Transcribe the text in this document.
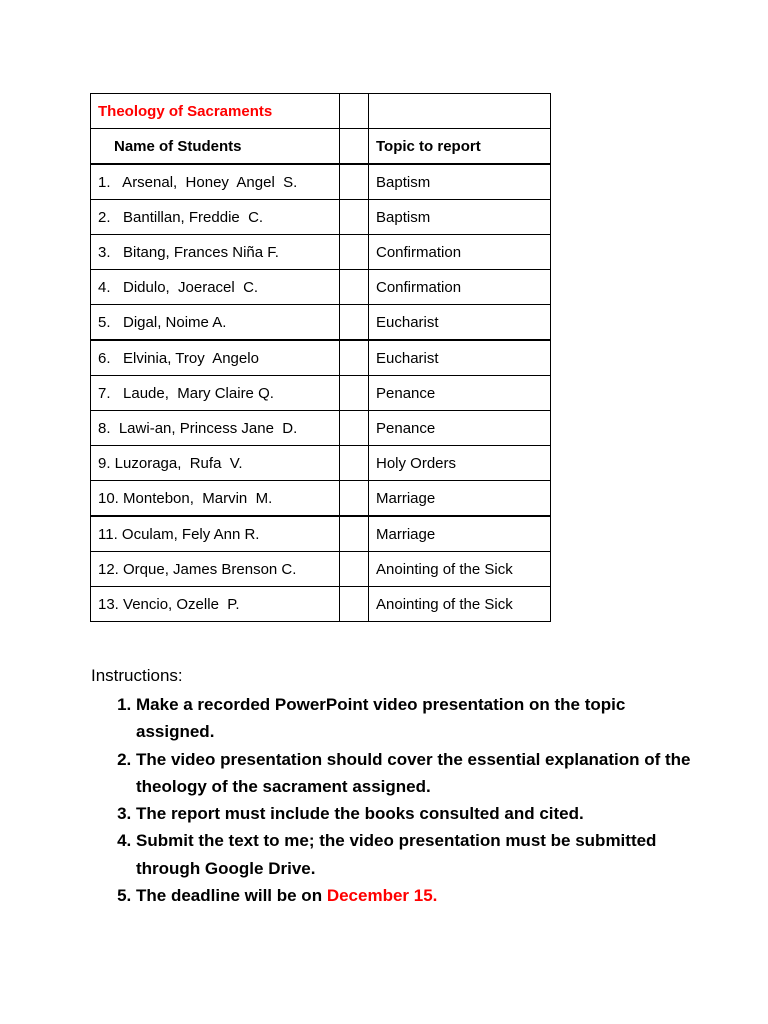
Theology of Sacraments		
Name of Students		Topic to report
1.   Arsenal,  Honey  Angel  S.		Baptism
2.   Bantillan, Freddie  C.		Baptism
3.   Bitang, Frances Niña F.		Confirmation
4.   Didulo,  Joeracel  C.		Confirmation
5.   Digal, Noime A.		Eucharist
6.   Elvinia, Troy  Angelo		Eucharist
7.   Laude,  Mary Claire Q.		Penance
8.  Lawi-an, Princess Jane  D.		Penance
9. Luzoraga,  Rufa  V.		Holy Orders
10. Montebon,  Marvin  M.		Marriage
11. Oculam, Fely Ann R.		Marriage
12. Orque, James Brenson C.		Anointing of the Sick
13. Vencio, Ozelle  P.		Anointing of the Sick
Instructions:
1. Make a recorded PowerPoint video presentation on the topic assigned.
2. The video presentation should cover the essential explanation of the theology of the sacrament assigned.
3. The report must include the books consulted and cited.
4. Submit the text to me; the video presentation must be submitted through Google Drive.
5. The deadline will be on December 15.
